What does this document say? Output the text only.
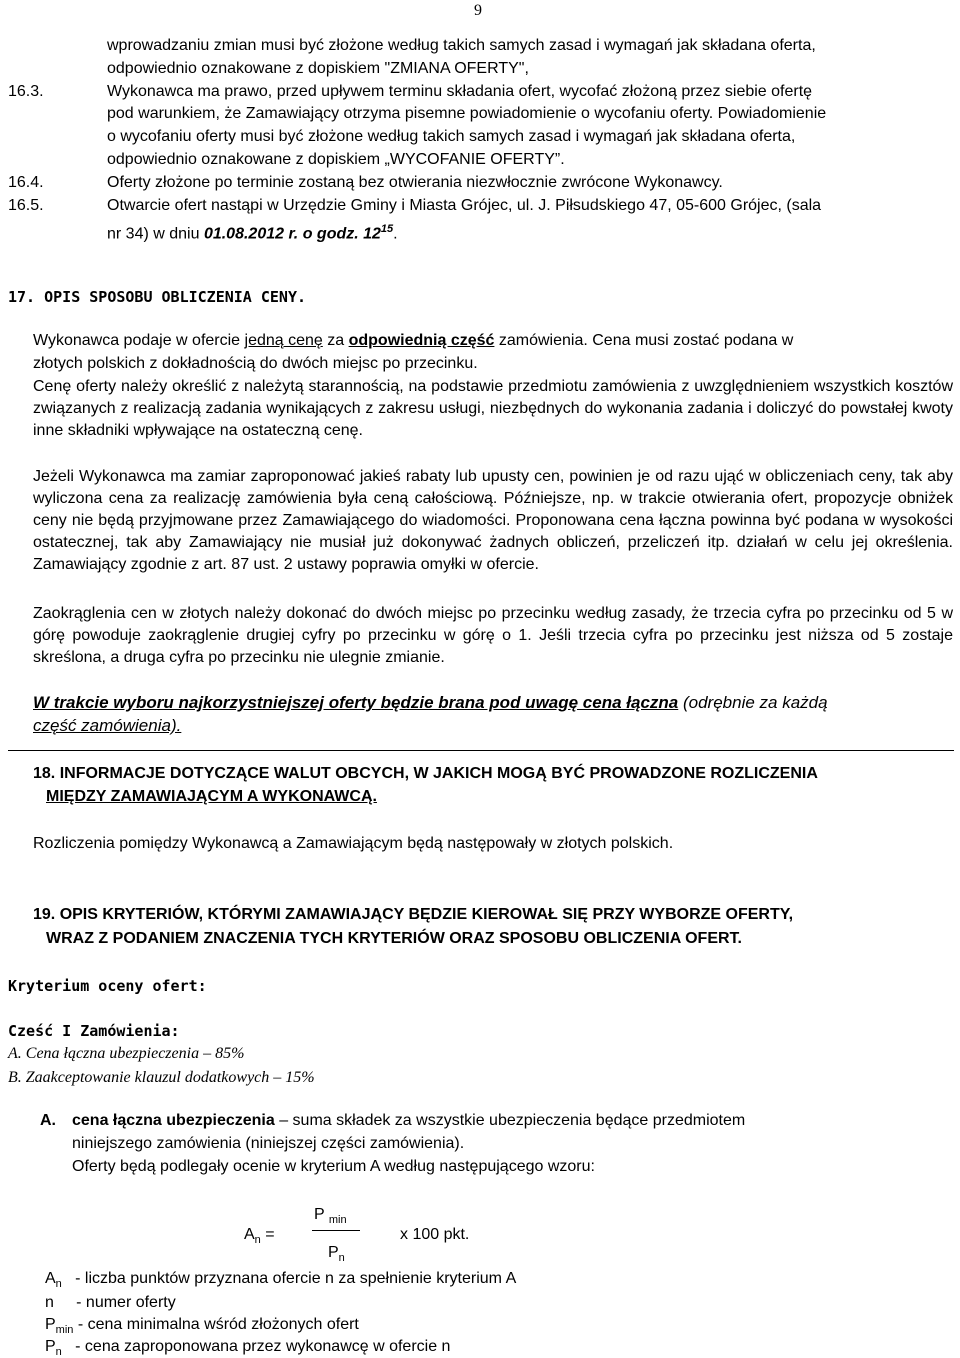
9
wprowadzaniu zmian musi być złożone według takich samych zasad i wymagań jak składana oferta,
odpowiednio oznakowane z dopiskiem "ZMIANA OFERTY",
16.3.	Wykonawca ma prawo, przed upływem terminu składania ofert, wycofać złożoną przez siebie ofertę
pod warunkiem, że Zamawiający otrzyma pisemne powiadomienie o wycofaniu oferty. Powiadomienie
o wycofaniu oferty musi być złożone według takich samych zasad i wymagań jak składana oferta,
odpowiednio oznakowane z dopiskiem „WYCOFANIE OFERTY”.
16.4.	Oferty złożone po terminie zostaną bez otwierania niezwłocznie zwrócone Wykonawcy.
16.5.	Otwarcie ofert nastąpi w Urzędzie Gminy i Miasta Grójec, ul. J. Piłsudskiego 47, 05-600 Grójec, (sala
nr 34) w dniu 01.08.2012 r. o godz. $12^{15}$.
17. OPIS SPOSOBU OBLICZENIA CENY.
Wykonawca podaje w ofercie jedną cenę za odpowiednią część zamówienia. Cena musi zostać podana w
złotych polskich z dokładnością do dwóch miejsc po przecinku.
Cenę oferty należy określić z należytą starannością, na podstawie przedmiotu zamówienia z uwzględnieniem wszystkich kosztów związanych z realizacją zadania wynikających z zakresu usługi, niezbędnych do wykonania zadania i doliczyć do powstałej kwoty inne składniki wpływające na ostateczną cenę.
Jeżeli Wykonawca ma zamiar zaproponować jakieś rabaty lub upusty cen, powinien je od razu ująć w obliczeniach ceny, tak aby wyliczona cena za realizację zamówienia była ceną całościową. Późniejsze, np. w trakcie otwierania ofert, propozycje obniżek ceny nie będą przyjmowane przez Zamawiającego do wiadomości. Proponowana cena łączna powinna być podana w wysokości ostatecznej, tak aby Zamawiający nie musiał już dokonywać żadnych obliczeń, przeliczeń itp. działań w celu jej określenia. Zamawiający zgodnie z art. 87 ust. 2 ustawy poprawia omyłki w ofercie.
Zaokrąglenia cen w złotych należy dokonać do dwóch miejsc po przecinku według zasady, że trzecia cyfra po przecinku od 5 w górę powoduje zaokrąglenie drugiej cyfry po przecinku w górę o 1. Jeśli trzecia cyfra po przecinku jest niższa od 5 zostaje skreślona, a druga cyfra po przecinku nie ulegnie zmianie.
W trakcie wyboru najkorzystniejszej oferty będzie brana pod uwagę cena łączna (odrębnie za każdą
część zamówienia).
18. INFORMACJE DOTYCZĄCE WALUT OBCYCH, W JAKICH MOGĄ BYĆ PROWADZONE ROZLICZENIA
MIĘDZY ZAMAWIAJĄCYM A WYKONAWCĄ.
Rozliczenia pomiędzy Wykonawcą a Zamawiającym będą następowały w złotych polskich.
19. OPIS KRYTERIÓW, KTÓRYMI ZAMAWIAJĄCY BĘDZIE KIEROWAŁ SIĘ PRZY WYBORZE OFERTY,
WRAZ Z PODANIEM ZNACZENIA TYCH KRYTERIÓW ORAZ SPOSOBU OBLICZENIA OFERT.
Kryterium oceny ofert:
Cześć I Zamówienia:
A. Cena łączna ubezpieczenia – 85%
B. Zaakceptowanie klauzul dodatkowych – 15%
A. cena łączna ubezpieczenia – suma składek za wszystkie ubezpieczenia będące przedmiotem
niniejszego zamówienia (niniejszej części zamówienia).
Oferty będą podlegały ocenie w kryterium A według następującego wzoru:
$A_n$ =
P $_{min}$
$P_n$
x 100 pkt.
$A_n$ - liczba punktów przyznana ofercie n za spełnienie kryterium A
n - numer oferty
$P_{min}$ - cena minimalna wśród złożonych ofert
$P_n$ - cena zaproponowana przez wykonawcę w ofercie n
